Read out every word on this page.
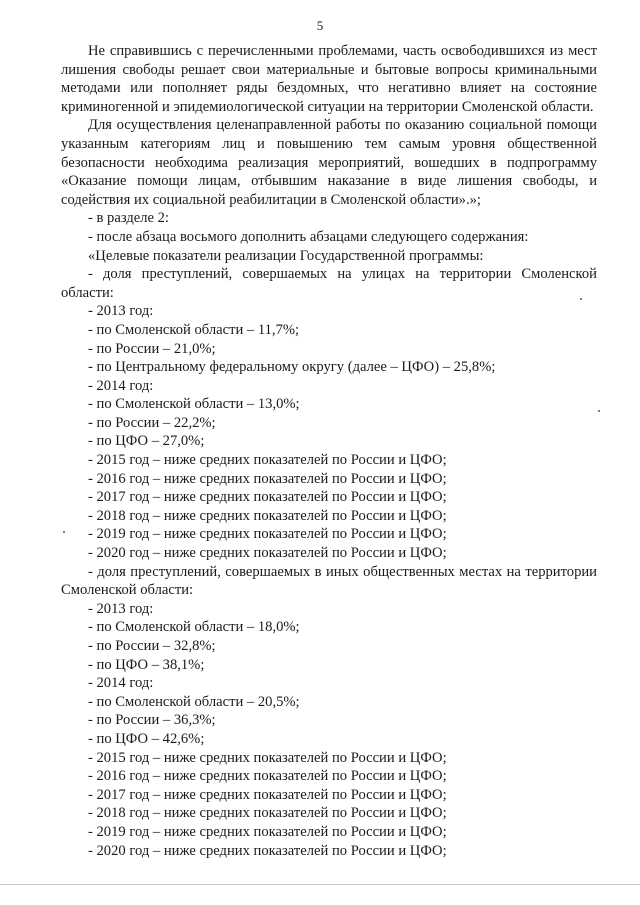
5

Не справившись с перечисленными проблемами, часть освободившихся из мест лишения свободы решает свои материальные и бытовые вопросы криминальными методами или пополняет ряды бездомных, что негативно влияет на состояние криминогенной и эпидемиологической ситуации на территории Смоленской области.

Для осуществления целенаправленной работы по оказанию социальной помощи указанным категориям лиц и повышению тем самым уровня общественной безопасности необходима реализация мероприятий, вошедших в подпрограмму «Оказание помощи лицам, отбывшим наказание в виде лишения свободы, и содействия их социальной реабилитации в Смоленской области».»;

- в разделе 2:

- после абзаца восьмого дополнить абзацами следующего содержания:

«Целевые показатели реализации Государственной программы:

- доля преступлений, совершаемых на улицах на территории Смоленской области:

- 2013 год:

- по Смоленской области – 11,7%;

- по России – 21,0%;

- по Центральному федеральному округу (далее – ЦФО) – 25,8%;

- 2014 год:

- по Смоленской области – 13,0%;

- по России – 22,2%;

- по ЦФО – 27,0%;

- 2015 год – ниже средних показателей по России и ЦФО;

- 2016 год – ниже средних показателей по России и ЦФО;

- 2017 год – ниже средних показателей по России и ЦФО;

- 2018 год – ниже средних показателей по России и ЦФО;

- 2019 год – ниже средних показателей по России и ЦФО;

- 2020 год – ниже средних показателей по России и ЦФО;

- доля преступлений, совершаемых в иных общественных местах на территории Смоленской области:

- 2013 год:

- по Смоленской области – 18,0%;

- по России – 32,8%;

- по ЦФО – 38,1%;

- 2014 год:

- по Смоленской области – 20,5%;

- по России – 36,3%;

- по ЦФО – 42,6%;

- 2015 год – ниже средних показателей по России и ЦФО;

- 2016 год – ниже средних показателей по России и ЦФО;

- 2017 год – ниже средних показателей по России и ЦФО;

- 2018 год – ниже средних показателей по России и ЦФО;

- 2019 год – ниже средних показателей по России и ЦФО;

- 2020 год – ниже средних показателей по России и ЦФО;
